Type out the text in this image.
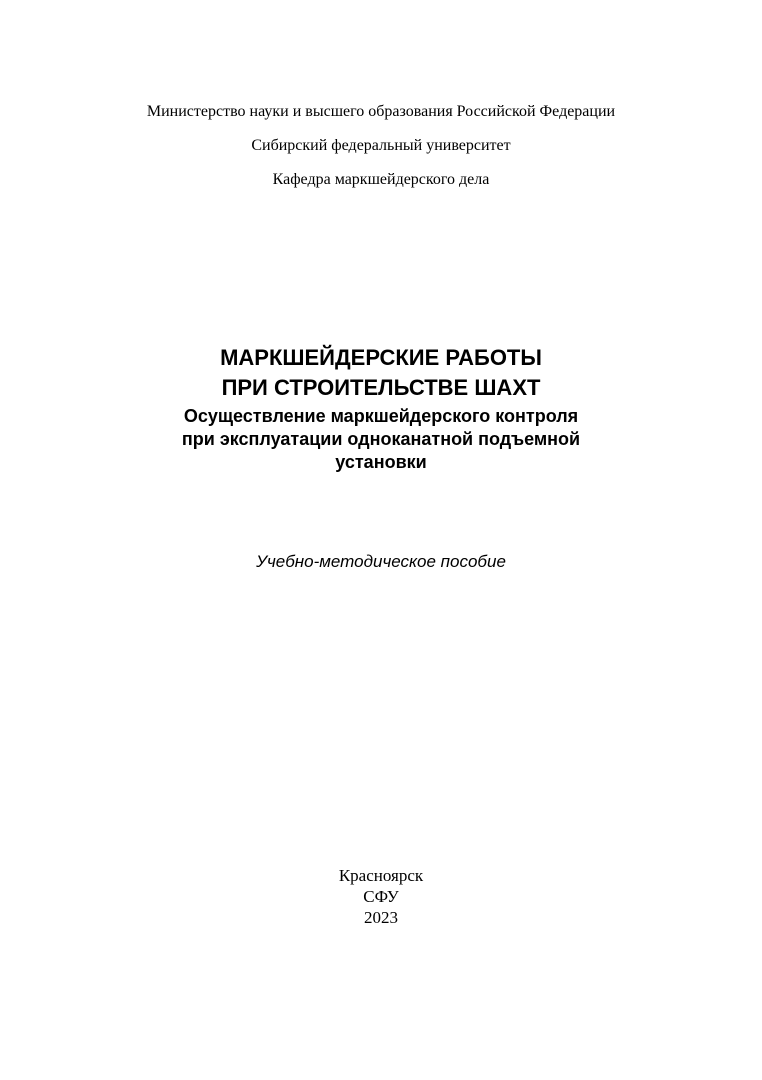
Министерство науки и высшего образования Российской Федерации
Сибирский федеральный университет
Кафедра маркшейдерского дела
МАРКШЕЙДЕРСКИЕ РАБОТЫ
ПРИ СТРОИТЕЛЬСТВЕ ШАХТ
Осуществление маркшейдерского контроля
при эксплуатации одноканатной подъемной
установки
Учебно-методическое пособие
Красноярск
СФУ
2023
